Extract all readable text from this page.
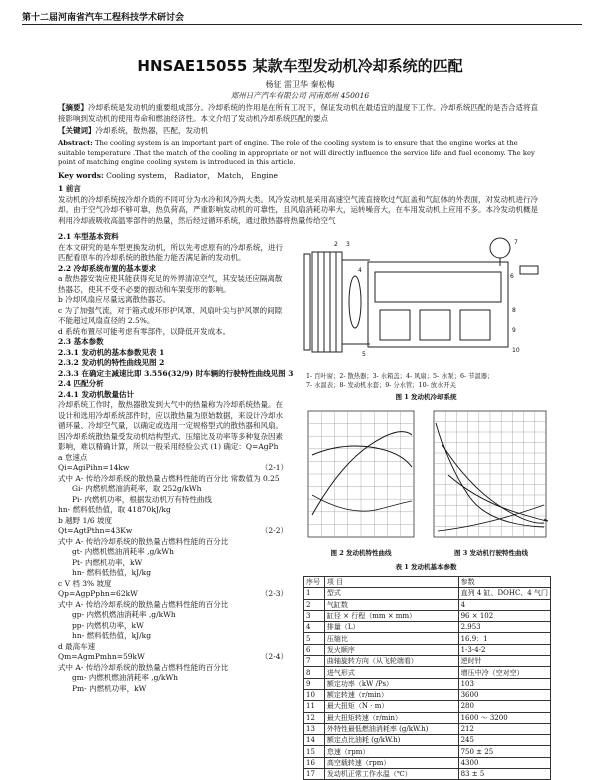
第十二届河南省汽车工程科技学术研讨会
HNSAE15055 某款车型发动机冷却系统的匹配
杨征 雷卫华 秦松梅
郑州日产汽车有限公司 河南郑州 450016
【摘要】冷却系统是发动机的重要组成部分。冷却系统的作用是在所有工况下，保证发动机在最适宜的温度下工作。冷却系统匹配的是否合适将直接影响到发动机的使用寿命和燃油经济性。本文介绍了发动机冷却系统匹配的要点
【关键词】冷却系统，散热器，匹配，发动机
Abstract: The cooling system is an important part of engine. The role of the cooling system is to ensure that the engine works at the suitable temperature .That the match of the cooling in appropriate or not will directly influence the service life and fuel economy. The key point of matching engine cooling system is introduced in this article.
Key words: Cooling system， Radiator， Match， Engine

1 前言

发动机的冷却系统按冷却介质的不同可分为水冷和风冷两大类。风冷发动机是采用高速空气流直接吹过气缸盖和气缸体的外表面，对发动机进行冷却。由于空气冷却不够可靠，热负荷高，严重影响发动机的可靠性，且风扇消耗功率大，运转噪音大，在车用发动机上应用不多。本冷发动机概是利用冷却液吸收高温零部件的热量，然后经过循环系统，通过散热器将热量传给空气

2.1 车型基本资料

在本文研究的是车型更换发动机，所以先考虑原有的冷却系统，进行匹配看原车的冷却系统的散热能力能否满足新的发动机。

2.2 冷却系统布置的基本要求

a 散热器安装应使其能获得充足的外界清凉空气，其安装还应隔离散热器芯，使其不受不必要的振动和车架变形的影响。

b 冷却风扇应尽量远离散热器芯。

c 为了加强气流，对于箱式或环形护风罩、风扇叶尖与护风罩的间隙不能超过风扇直径的 2.5%。

d 系统布置尽可能考虑有零部件，以降低开发成本。

2.3 基本参数

2.3.1 发动机的基本参数见表 1

2.3.2 发动机的特性曲线见图 2

2.3.3 在确定主减速比即 3.556(32/9) 时车辆的行驶特性曲线见图 3

2.4 匹配分析

2.4.1 发动机散量估计

冷却系统工作时，散热器散发到大气中的热量称为冷却系统热量。在设计和选用冷却系统部件时，应以散热量为原始数据，来设计冷却水循环量、冷却空气量，以确定或选用一定规格型式的散热器和风扇。

因冷却系统散热量受发动机结构型式、压缩比及功率等多种复杂因素影响，难以精确计算，所以一般采用经验公式 (1) 确定：Q=AgPh

a 怠速点

Qi=AgiPihn=14kw	（2-1）

式中 A- 传给冷却系统的散热量占燃料性能的百分比 常数值为 0.25

Gi- 内燃机燃油消耗率，取 252g/kWh

Pi- 内燃机功率，根据发动机万有特性曲线

hn- 燃料低热值，取 41870kJ/kg

b 越野 1/6 坡度

Qt=AgtPthn=43Kw	（2-2）

式中 A- 传给冷却系统的散热量占燃料性能的百分比

gt- 内燃机燃油消耗率 ,g/kWh

Pt- 内燃机功率，kW

hn- 燃料低热值，kJ/kg

c V 档 3% 坡度

Qp=AgpPphn=62kW	（2-3）

式中 A- 传给冷却系统的散热量占燃料性能的百分比

gp- 内燃机燃油消耗率 ,g/kWh

pp- 内燃机功率，kW

hn- 燃料低热值，kJ/kg

d 最高车速

Qm=AgmPmhn=59kW	（2-4）

式中 A- 传给冷却系统的散热量占燃料性能的百分比

gm- 内燃机燃油消耗率 ,g/kWh

Pm- 内燃机功率，kW

2 3
4
5
6
7
8
9
10
1- 百叶窗；2- 散热器；3- 水箱盖；4- 风扇；5- 水泵；6- 节温器；
7- 水温表；8- 发动机水套；9- 分水管；10- 放水开关
图 1 发动机冷却系统
图 2 发动机特性曲线	图 3 发动机行驶特性曲线
表 1 发动机基本参数
序号	项 目	参数
1	型式	直列 4 缸、DOHC、4 气门
2	气缸数	4
3	缸径 × 行程（mm × mm）	96 × 102
4	排量（L）	2.953
5	压缩比	16.9：1
6	发火顺序	1-3-4-2
7	曲轴旋转方向（从飞轮端看）	逆时针
8	进气形式	增压中冷（空对空）
9	额定功率（kW /Ps）	103
10	额定转速（r/min）	3600
11	最大扭矩（N · m）	280
12	最大扭矩转速（r/min）	1600 ～ 3200
13	外特性最低燃油消耗率 (g/kW.h)	212
14	额定点比油耗 (g/kW.h)	245
15	怠速（rpm）	750 ± 25
16	高空载转速（rpm）	4300
17	发动机正常工作水温（℃）	83 ± 5
